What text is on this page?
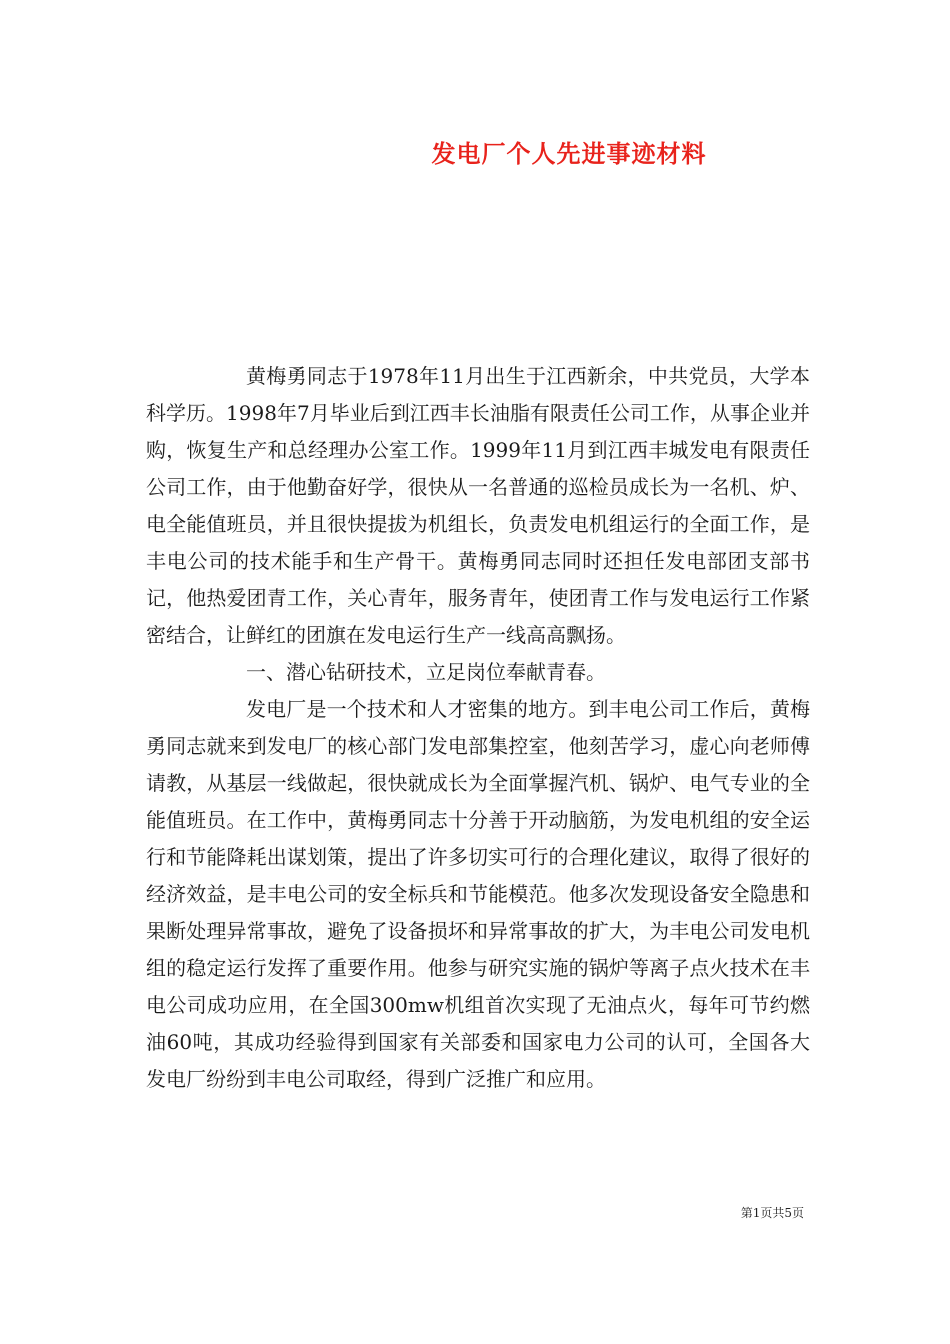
发电厂个人先进事迹材料

黄梅勇同志于1978年11月出生于江西新余，中共党员，大学本科学历。1998年7月毕业后到江西丰长油脂有限责任公司工作，从事企业并购，恢复生产和总经理办公室工作。1999年11月到江西丰城发电有限责任公司工作，由于他勤奋好学，很快从一名普通的巡检员成长为一名机、炉、电全能值班员，并且很快提拔为机组长，负责发电机组运行的全面工作，是丰电公司的技术能手和生产骨干。黄梅勇同志同时还担任发电部团支部书记，他热爱团青工作，关心青年，服务青年，使团青工作与发电运行工作紧密结合，让鲜红的团旗在发电运行生产一线高高飘扬。

一、潜心钻研技术，立足岗位奉献青春。

发电厂是一个技术和人才密集的地方。到丰电公司工作后，黄梅勇同志就来到发电厂的核心部门发电部集控室，他刻苦学习，虚心向老师傅请教，从基层一线做起，很快就成长为全面掌握汽机、锅炉、电气专业的全能值班员。在工作中，黄梅勇同志十分善于开动脑筋，为发电机组的安全运行和节能降耗出谋划策，提出了许多切实可行的合理化建议，取得了很好的经济效益，是丰电公司的安全标兵和节能模范。他多次发现设备安全隐患和果断处理异常事故，避免了设备损坏和异常事故的扩大，为丰电公司发电机组的稳定运行发挥了重要作用。他参与研究实施的锅炉等离子点火技术在丰电公司成功应用，在全国300mw机组首次实现了无油点火，每年可节约燃油60吨，其成功经验得到国家有关部委和国家电力公司的认可，全国各大发电厂纷纷到丰电公司取经，得到广泛推广和应用。

第1页共5页
